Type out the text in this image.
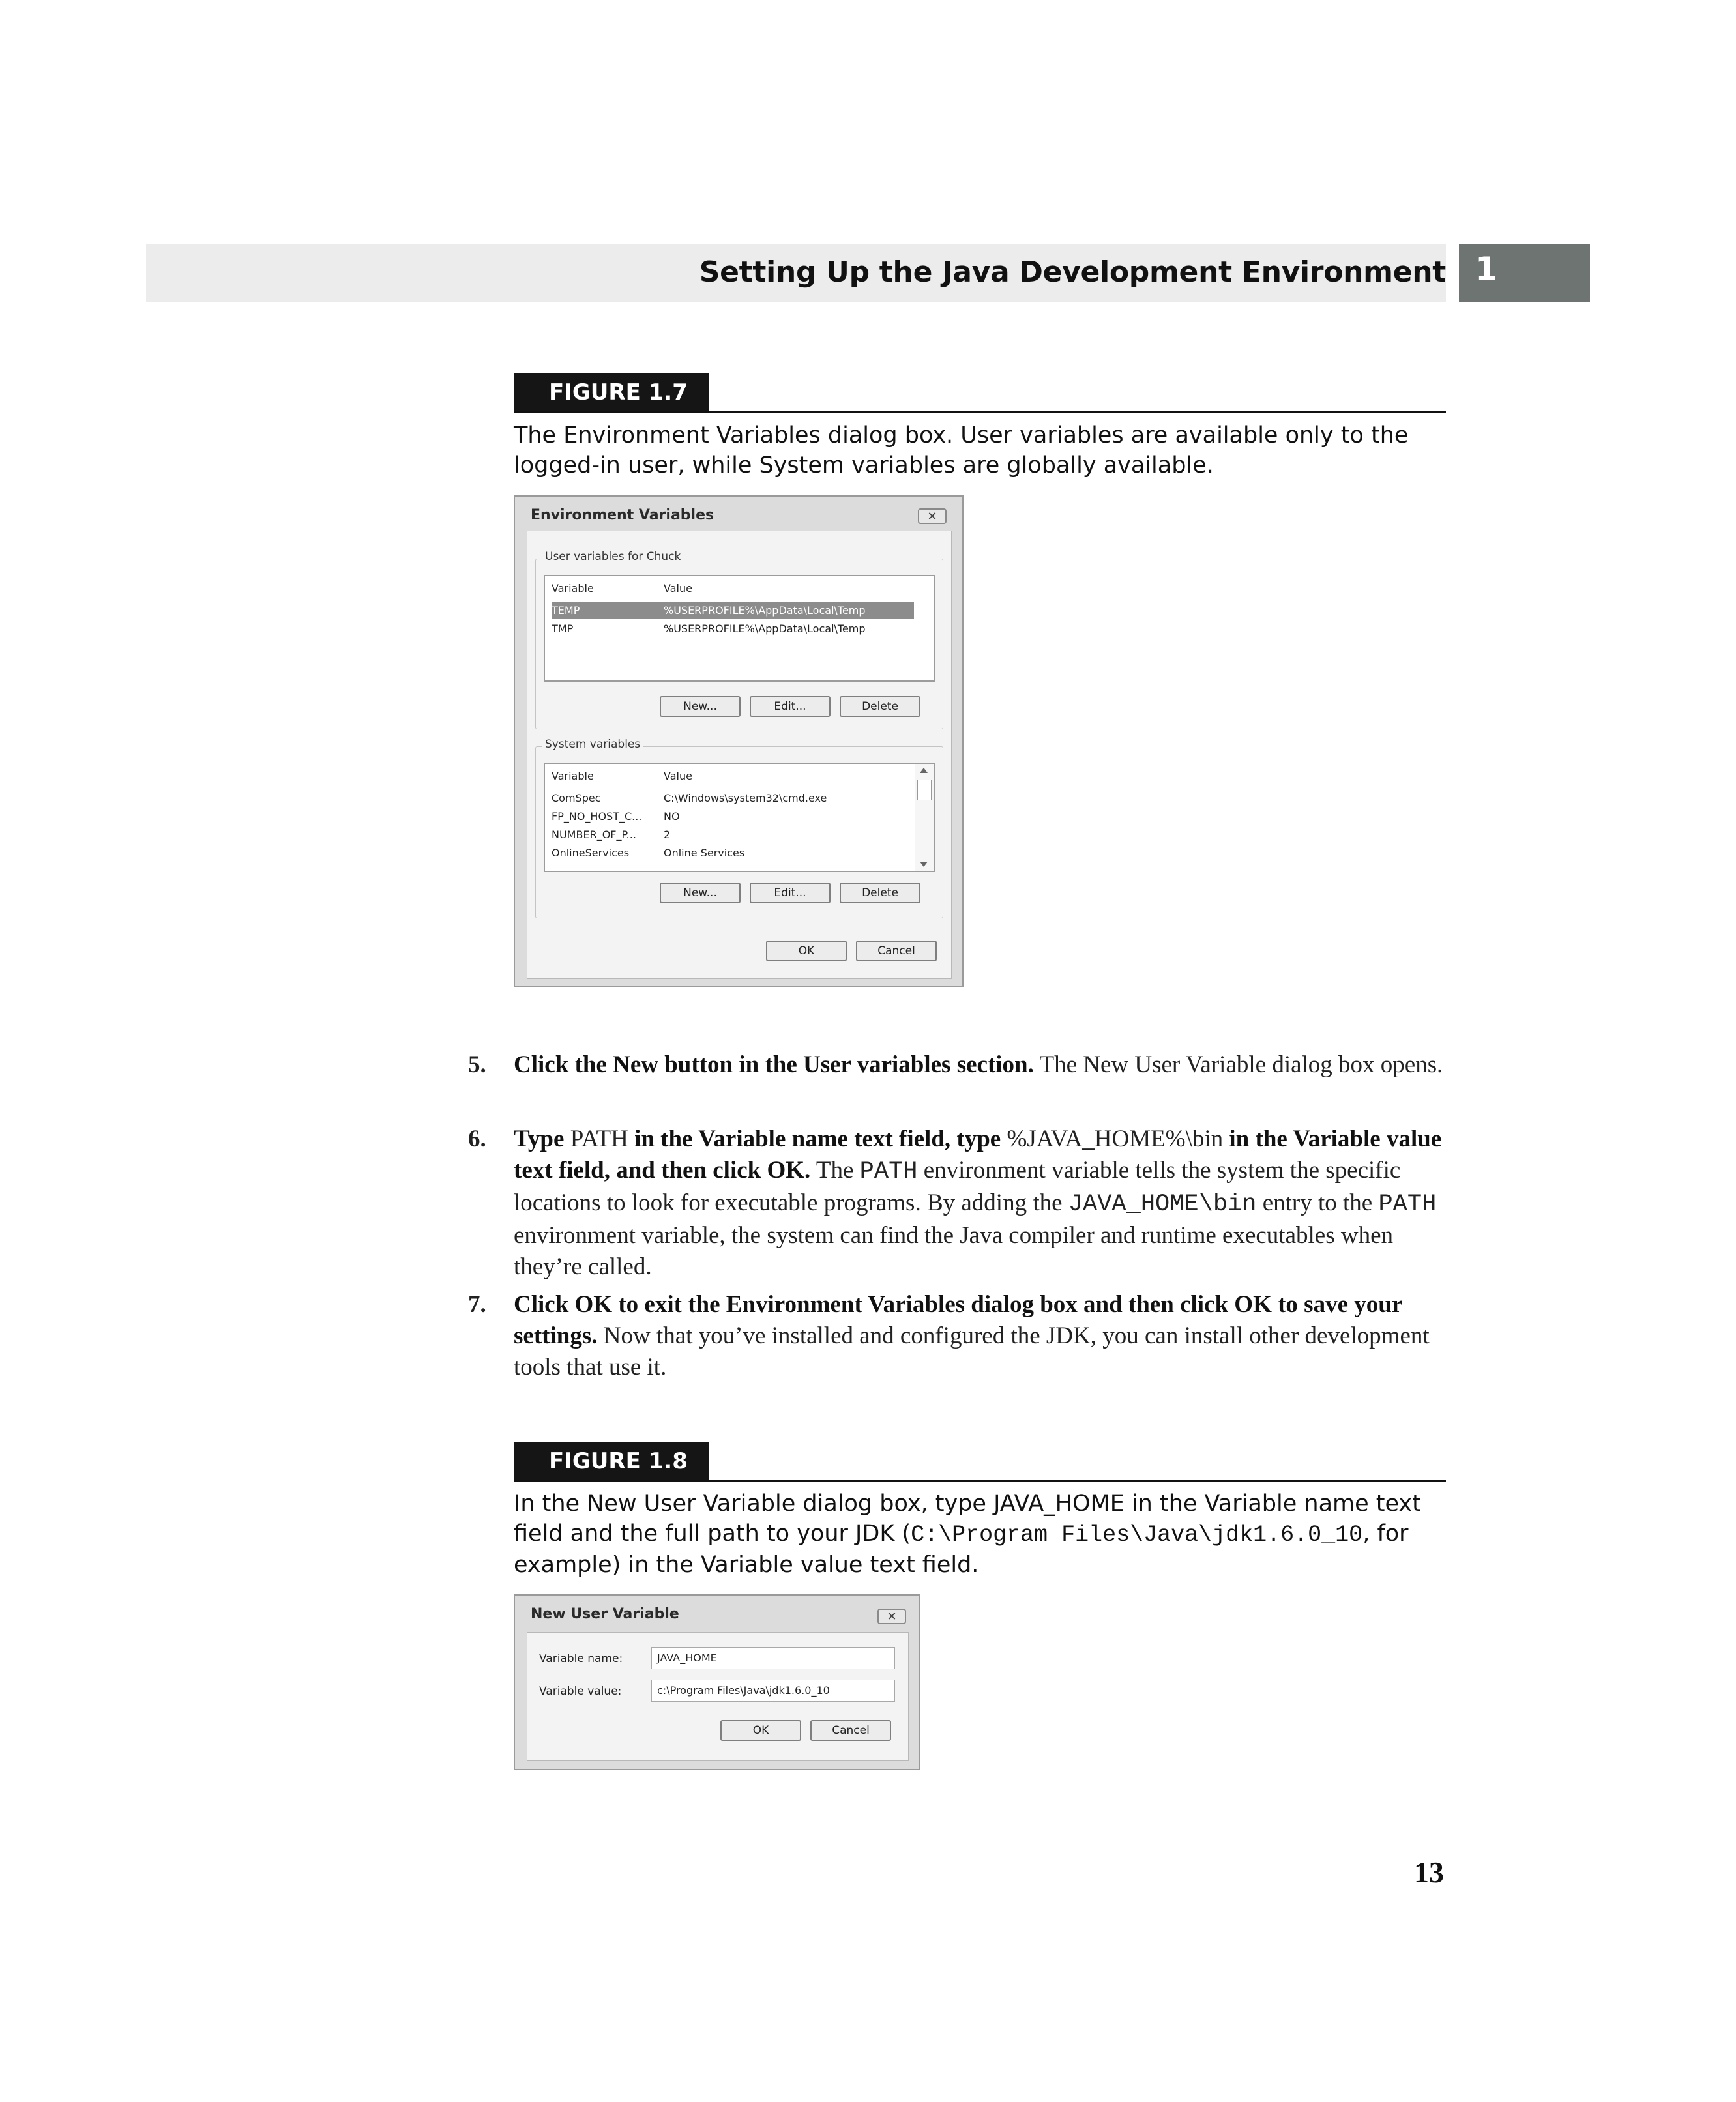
Setting Up the Java Development Environment 1
FIGURE 1.7
The Environment Variables dialog box. User variables are available only to the logged-in user, while System variables are globally available.
Environment Variables	✕
User variables for Chuck
Variable	Value
TEMP	%USERPROFILE%\AppData\Local\Temp
TMP	%USERPROFILE%\AppData\Local\Temp
New...	Edit...	Delete
System variables
Variable	Value
ComSpec	C:\Windows\system32\cmd.exe
FP_NO_HOST_C...	NO
NUMBER_OF_P...	2
OnlineServices	Online Services
New...	Edit...	Delete
OK	Cancel
5. Click the New button in the User variables section. The New User Variable dialog box opens.
6. Type PATH in the Variable name text field, type %JAVA_HOME%\bin in the Variable value text field, and then click OK. The PATH environment variable tells the system the specific locations to look for executable programs. By adding the JAVA_HOME\bin entry to the PATH environment variable, the system can find the Java compiler and runtime executables when they’re called.
7. Click OK to exit the Environment Variables dialog box and then click OK to save your settings. Now that you’ve installed and configured the JDK, you can install other development tools that use it.
FIGURE 1.8
In the New User Variable dialog box, type JAVA_HOME in the Variable name text field and the full path to your JDK (C:\Program Files\Java\jdk1.6.0_10, for example) in the Variable value text field.
New User Variable	✕
Variable name:	JAVA_HOME
Variable value:	c:\Program Files\Java\jdk1.6.0_10
OK	Cancel
13
